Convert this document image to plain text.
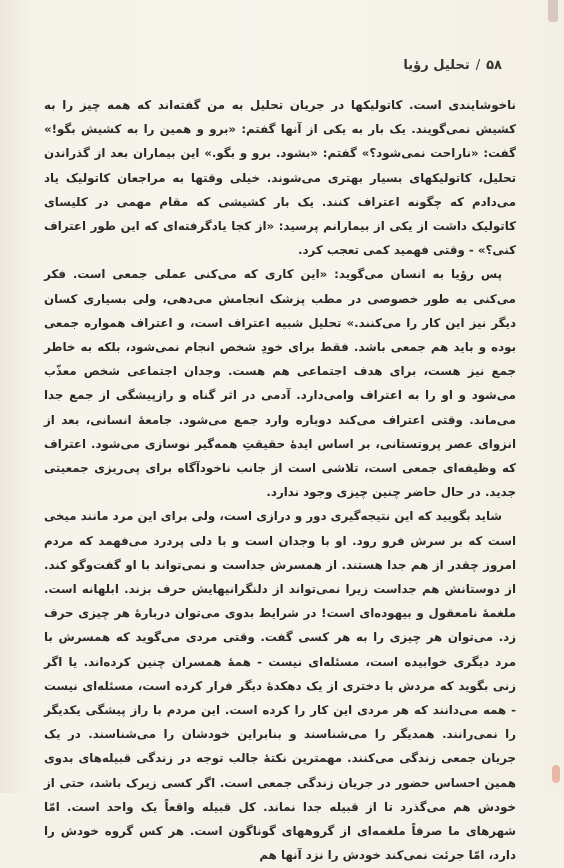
۵۸/تحلیل رؤیا

ناخوشایندی است. کاتولیکها در جریان تحلیل به من گفته‌اند که همه چیز را به کشیش نمی‌گویند. یک بار به یکی از آنها گفتم: «برو و همین را به کشیش بگو!» گفت: «ناراحت نمی‌شود؟» گفتم: «بشود. برو و بگو.» این بیماران بعد از گذراندن تحلیل، کاتولیکهای بسیار بهتری می‌شوند. خیلی وقتها به مراجعان کاتولیک یاد می‌دادم که چگونه اعتراف کنند. یک بار کشیشی که مقام مهمی در کلیسای کاتولیک داشت از یکی از بیمارانم پرسید: «از کجا یادگرفته‌ای که این طور اعتراف کنی؟» - وقتی فهمید کمی تعجب کرد.

پس رؤیا به انسان می‌گوید: «این کاری که می‌کنی عملی جمعی است. فکر می‌کنی به طور خصوصی در مطب پزشک انجامش می‌دهی، ولی بسیاری کسان دیگر نیز این کار را می‌کنند.» تحلیل شبیه اعتراف است، و اعتراف همواره جمعی بوده و باید هم جمعی باشد. فقط برای خودِ شخص انجام نمی‌شود، بلکه به خاطر جمع نیز هست، برای هدف اجتماعی هم هست. وجدان اجتماعی شخص معذّب می‌شود و او را به اعتراف وامی‌دارد. آدمی در اثر گناه و رازپیشگی از جمع جدا می‌ماند. وقتی اعتراف می‌کند دوباره وارد جمع می‌شود. جامعهٔ انسانی، بعد از انزوای عصر پروتستانی، بر اساس ایدهٔ حقیقتِ همه‌گیر نوسازی می‌شود. اعتراف که وظیفه‌ای جمعی است، تلاشی است از جانب ناخودآگاه برای پی‌ریزی جمعیتی جدید. در حال حاضر چنین چیزی وجود ندارد.

شاید بگویید که این نتیجه‌گیری دور و درازی است، ولی برای این مرد مانند میخی است که بر سرش فرو رود. او با وجدان است و با دلی پردرد می‌فهمد که مردم امروز چقدر از هم جدا هستند. از همسرش جداست و نمی‌تواند با او گفت‌وگو کند. از دوستانش هم جداست زیرا نمی‌تواند از دلنگرانیهایش حرف بزند. ابلهانه است. ملغمهٔ نامعقول و بیهوده‌ای است! در شرایط بدوی می‌توان دربارهٔ هر چیزی حرف زد. می‌توان هر چیزی را به هر کسی گفت. وقتی مردی می‌گوید که همسرش با مرد دیگری خوابیده است، مسئله‌ای نیست - همهٔ همسران چنین کرده‌اند. یا اگر زنی بگوید که مردش با دختری از یک دهکدهٔ دیگر فرار کرده است، مسئله‌ای نیست - همه می‌دانند که هر مردی این کار را کرده است. این مردم با راز پیشگی یکدیگر را نمی‌رانند. همدیگر را می‌شناسند و بنابراین خودشان را می‌شناسند. در یک جریان جمعی زندگی می‌کنند. مهمترین نکتهٔ جالب توجه در زندگی قبیله‌های بدوی همین احساس حضور در جریان زندگی جمعی است. اگر کسی زیرک باشد، حتی از خودش هم می‌گذرد تا از قبیله جدا نماند. کل قبیله واقعاً یک واحد است. امّا شهرهای ما صرفاً ملغمه‌ای از گروههای گوناگون است. هر کس گروه خودش را دارد، امّا جرئت نمی‌کند خودش را نزد آنها هم
